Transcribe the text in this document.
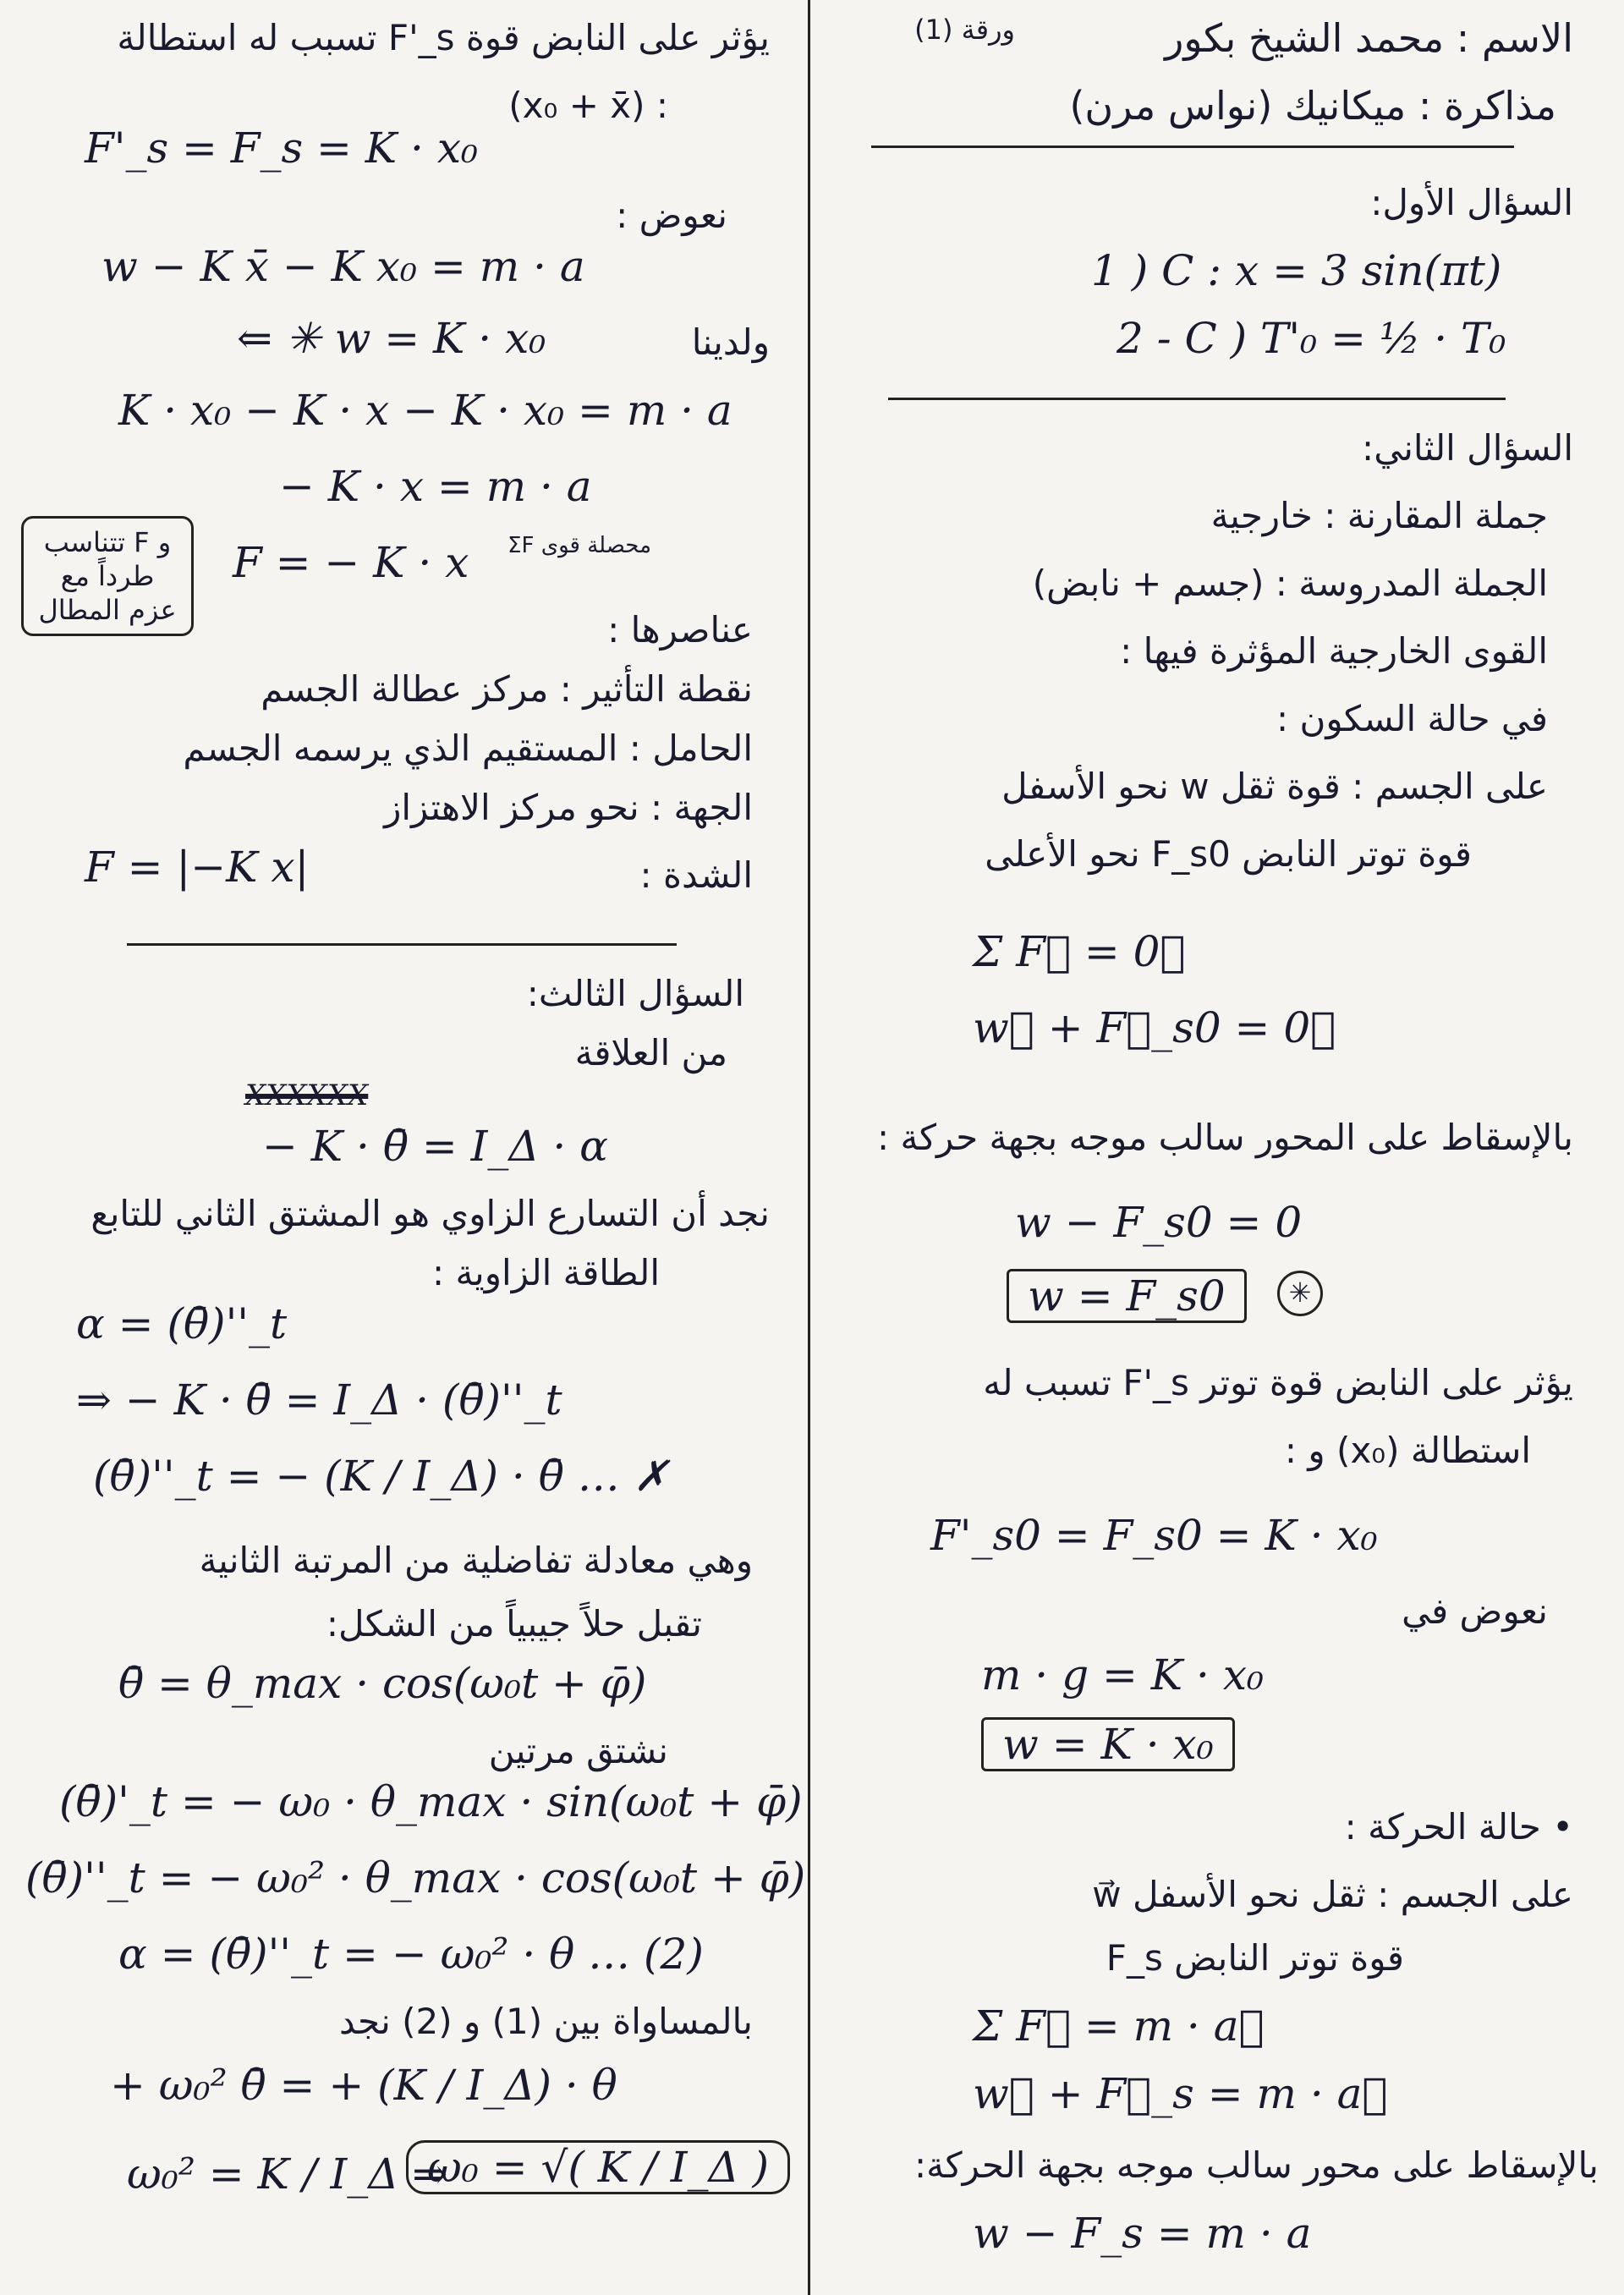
الاسم : محمد الشيخ بكور
ورقة (1)
مذاكرة : ميكانيك (نواس مرن)
السؤال الأول:
1 ) C : x = 3 sin(πt)
2 - C ) T'₀ = ½ · T₀
السؤال الثاني:
جملة المقارنة : خارجية
الجملة المدروسة : (جسم + نابض)
القوى الخارجية المؤثرة فيها :
في حالة السكون :
على الجسم : قوة ثقل w نحو الأسفل
قوة توتر النابض F_s0 نحو الأعلى
Σ F⃗ = 0⃗
w⃗ + F⃗_s0 = 0⃗
بالإسقاط على المحور سالب موجه بجهة حركة :
w − F_s0 = 0
w = F_s0	✳
يؤثر على النابض قوة توتر F'_s تسبب له
استطالة (x₀) و :
F'_s0 = F_s0 = K · x₀
نعوض في
m · g = K · x₀
w = K · x₀
• حالة الحركة :
على الجسم : ثقل نحو الأسفل w⃗
قوة توتر النابض F_s
Σ F⃗ = m · a⃗
w⃗ + F⃗_s = m · a⃗
بالإسقاط على محور سالب موجه بجهة الحركة:
w − F_s = m · a
يؤثر على النابض قوة F'_s تسبب له استطالة
: (x₀ + x̄)
F'_s = F_s = K · x₀
نعوض :
w − K x̄ − K x₀ = m · a
ولدينا
⇐ ✳ w = K · x₀
K · x₀ − K · x − K · x₀ = m · a
− K · x = m · a
و F تتناسب طرداً مع عزم المطال
F = − K · x محصلة قوى ΣF
عناصرها :
نقطة التأثير : مركز عطالة الجسم
الحامل : المستقيم الذي يرسمه الجسم
الجهة : نحو مركز الاهتزاز
الشدة :
F = |−K x|
السؤال الثالث:
من العلاقة
XXXXXX
− K · θ̄ = I_Δ · α
نجد أن التسارع الزاوي هو المشتق الثاني للتابع
الطاقة الزاوية :
α = (θ̄)''_t
⇒ − K · θ̄ = I_Δ · (θ̄)''_t
(θ̄)''_t = − (K / I_Δ) · θ̄ … ✗
وهي معادلة تفاضلية من المرتبة الثانية
تقبل حلاً جيبياً من الشكل:
θ̄ = θ_max · cos(ω₀t + φ̄)
نشتق مرتين
(θ̄)'_t = − ω₀ · θ_max · sin(ω₀t + φ̄)
(θ̄)''_t = − ω₀² · θ_max · cos(ω₀t + φ̄)
α = (θ̄)''_t = − ω₀² · θ … (2)
بالمساواة بين (1) و (2) نجد
+ ω₀² θ̄ = + (K / I_Δ) · θ
ω₀² = K / I_Δ ⇒
ω₀ = √( K / I_Δ )
